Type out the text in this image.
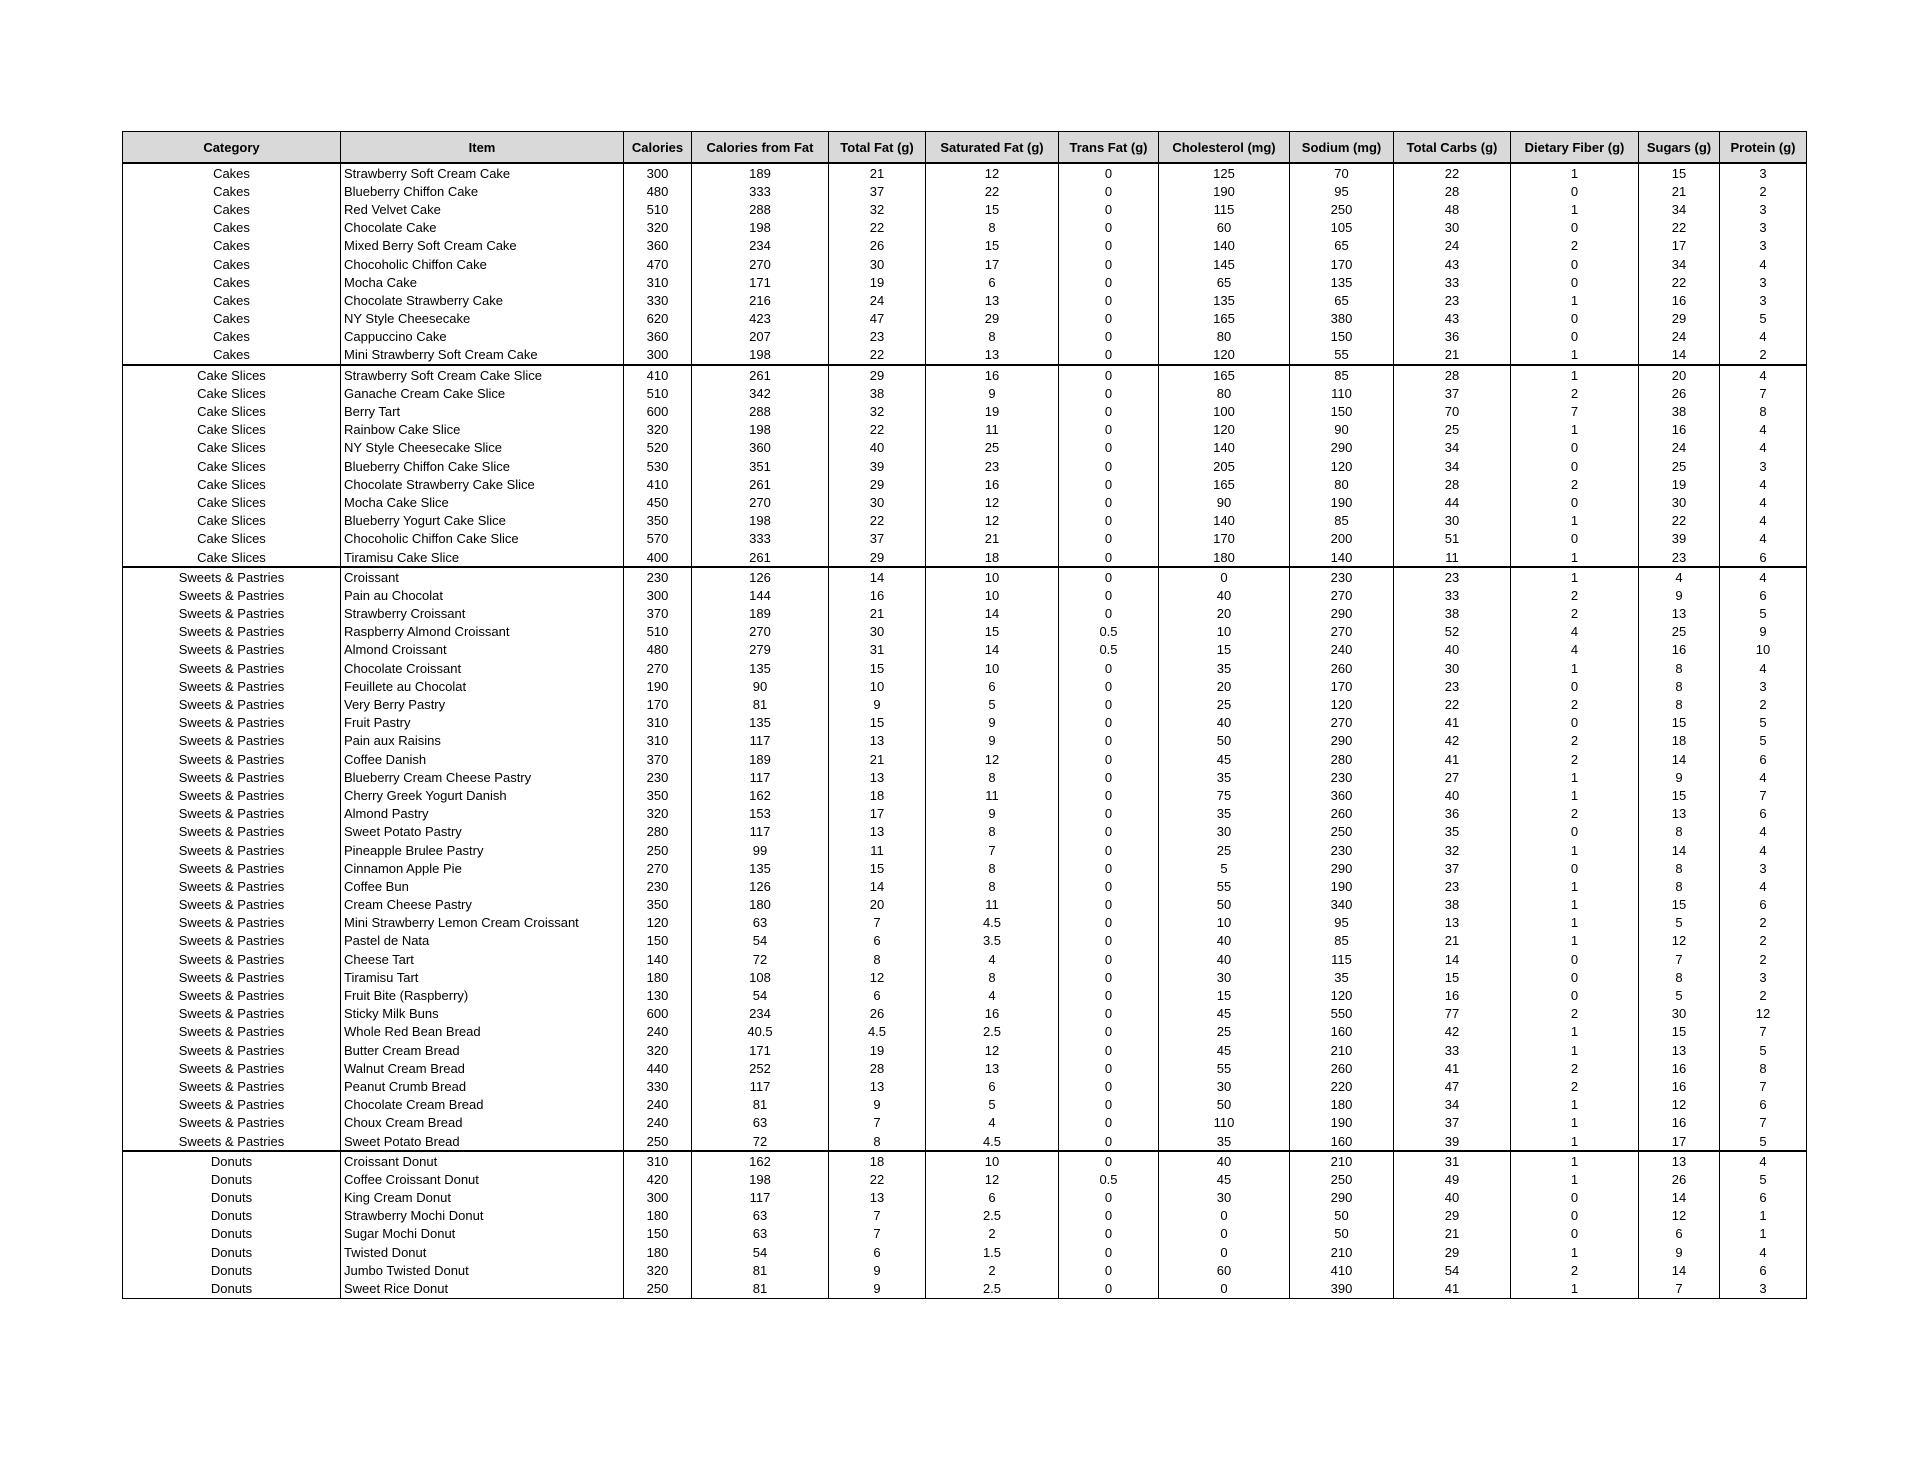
Category	Item	Calories	Calories from Fat	Total Fat (g)	Saturated Fat (g)	Trans Fat (g)	Cholesterol (mg)	Sodium (mg)	Total Carbs (g)	Dietary Fiber (g)	Sugars (g)	Protein (g)
Cakes	Strawberry Soft Cream Cake	300	189	21	12	0	125	70	22	1	15	3
Cakes	Blueberry Chiffon Cake	480	333	37	22	0	190	95	28	0	21	2
Cakes	Red Velvet Cake	510	288	32	15	0	115	250	48	1	34	3
Cakes	Chocolate Cake	320	198	22	8	0	60	105	30	0	22	3
Cakes	Mixed Berry Soft Cream Cake	360	234	26	15	0	140	65	24	2	17	3
Cakes	Chocoholic Chiffon Cake	470	270	30	17	0	145	170	43	0	34	4
Cakes	Mocha Cake	310	171	19	6	0	65	135	33	0	22	3
Cakes	Chocolate Strawberry Cake	330	216	24	13	0	135	65	23	1	16	3
Cakes	NY Style Cheesecake	620	423	47	29	0	165	380	43	0	29	5
Cakes	Cappuccino Cake	360	207	23	8	0	80	150	36	0	24	4
Cakes	Mini Strawberry Soft Cream Cake	300	198	22	13	0	120	55	21	1	14	2
Cake Slices	Strawberry Soft Cream Cake Slice	410	261	29	16	0	165	85	28	1	20	4
Cake Slices	Ganache Cream Cake Slice	510	342	38	9	0	80	110	37	2	26	7
Cake Slices	Berry Tart	600	288	32	19	0	100	150	70	7	38	8
Cake Slices	Rainbow Cake Slice	320	198	22	11	0	120	90	25	1	16	4
Cake Slices	NY Style Cheesecake Slice	520	360	40	25	0	140	290	34	0	24	4
Cake Slices	Blueberry Chiffon Cake Slice	530	351	39	23	0	205	120	34	0	25	3
Cake Slices	Chocolate Strawberry Cake Slice	410	261	29	16	0	165	80	28	2	19	4
Cake Slices	Mocha Cake Slice	450	270	30	12	0	90	190	44	0	30	4
Cake Slices	Blueberry Yogurt Cake Slice	350	198	22	12	0	140	85	30	1	22	4
Cake Slices	Chocoholic Chiffon Cake Slice	570	333	37	21	0	170	200	51	0	39	4
Cake Slices	Tiramisu Cake Slice	400	261	29	18	0	180	140	11	1	23	6
Sweets & Pastries	Croissant	230	126	14	10	0	0	230	23	1	4	4
Sweets & Pastries	Pain au Chocolat	300	144	16	10	0	40	270	33	2	9	6
Sweets & Pastries	Strawberry Croissant	370	189	21	14	0	20	290	38	2	13	5
Sweets & Pastries	Raspberry Almond Croissant	510	270	30	15	0.5	10	270	52	4	25	9
Sweets & Pastries	Almond Croissant	480	279	31	14	0.5	15	240	40	4	16	10
Sweets & Pastries	Chocolate Croissant	270	135	15	10	0	35	260	30	1	8	4
Sweets & Pastries	Feuillete au Chocolat	190	90	10	6	0	20	170	23	0	8	3
Sweets & Pastries	Very Berry Pastry	170	81	9	5	0	25	120	22	2	8	2
Sweets & Pastries	Fruit Pastry	310	135	15	9	0	40	270	41	0	15	5
Sweets & Pastries	Pain aux Raisins	310	117	13	9	0	50	290	42	2	18	5
Sweets & Pastries	Coffee Danish	370	189	21	12	0	45	280	41	2	14	6
Sweets & Pastries	Blueberry Cream Cheese Pastry	230	117	13	8	0	35	230	27	1	9	4
Sweets & Pastries	Cherry Greek Yogurt Danish	350	162	18	11	0	75	360	40	1	15	7
Sweets & Pastries	Almond Pastry	320	153	17	9	0	35	260	36	2	13	6
Sweets & Pastries	Sweet Potato Pastry	280	117	13	8	0	30	250	35	0	8	4
Sweets & Pastries	Pineapple Brulee Pastry	250	99	11	7	0	25	230	32	1	14	4
Sweets & Pastries	Cinnamon Apple Pie	270	135	15	8	0	5	290	37	0	8	3
Sweets & Pastries	Coffee Bun	230	126	14	8	0	55	190	23	1	8	4
Sweets & Pastries	Cream Cheese Pastry	350	180	20	11	0	50	340	38	1	15	6
Sweets & Pastries	Mini Strawberry Lemon Cream Croissant	120	63	7	4.5	0	10	95	13	1	5	2
Sweets & Pastries	Pastel de Nata	150	54	6	3.5	0	40	85	21	1	12	2
Sweets & Pastries	Cheese Tart	140	72	8	4	0	40	115	14	0	7	2
Sweets & Pastries	Tiramisu Tart	180	108	12	8	0	30	35	15	0	8	3
Sweets & Pastries	Fruit Bite (Raspberry)	130	54	6	4	0	15	120	16	0	5	2
Sweets & Pastries	Sticky Milk Buns	600	234	26	16	0	45	550	77	2	30	12
Sweets & Pastries	Whole Red Bean Bread	240	40.5	4.5	2.5	0	25	160	42	1	15	7
Sweets & Pastries	Butter Cream Bread	320	171	19	12	0	45	210	33	1	13	5
Sweets & Pastries	Walnut Cream Bread	440	252	28	13	0	55	260	41	2	16	8
Sweets & Pastries	Peanut Crumb Bread	330	117	13	6	0	30	220	47	2	16	7
Sweets & Pastries	Chocolate Cream Bread	240	81	9	5	0	50	180	34	1	12	6
Sweets & Pastries	Choux Cream Bread	240	63	7	4	0	110	190	37	1	16	7
Sweets & Pastries	Sweet Potato Bread	250	72	8	4.5	0	35	160	39	1	17	5
Donuts	Croissant Donut	310	162	18	10	0	40	210	31	1	13	4
Donuts	Coffee Croissant Donut	420	198	22	12	0.5	45	250	49	1	26	5
Donuts	King Cream Donut	300	117	13	6	0	30	290	40	0	14	6
Donuts	Strawberry Mochi Donut	180	63	7	2.5	0	0	50	29	0	12	1
Donuts	Sugar Mochi Donut	150	63	7	2	0	0	50	21	0	6	1
Donuts	Twisted Donut	180	54	6	1.5	0	0	210	29	1	9	4
Donuts	Jumbo Twisted Donut	320	81	9	2	0	60	410	54	2	14	6
Donuts	Sweet Rice Donut	250	81	9	2.5	0	0	390	41	1	7	3
